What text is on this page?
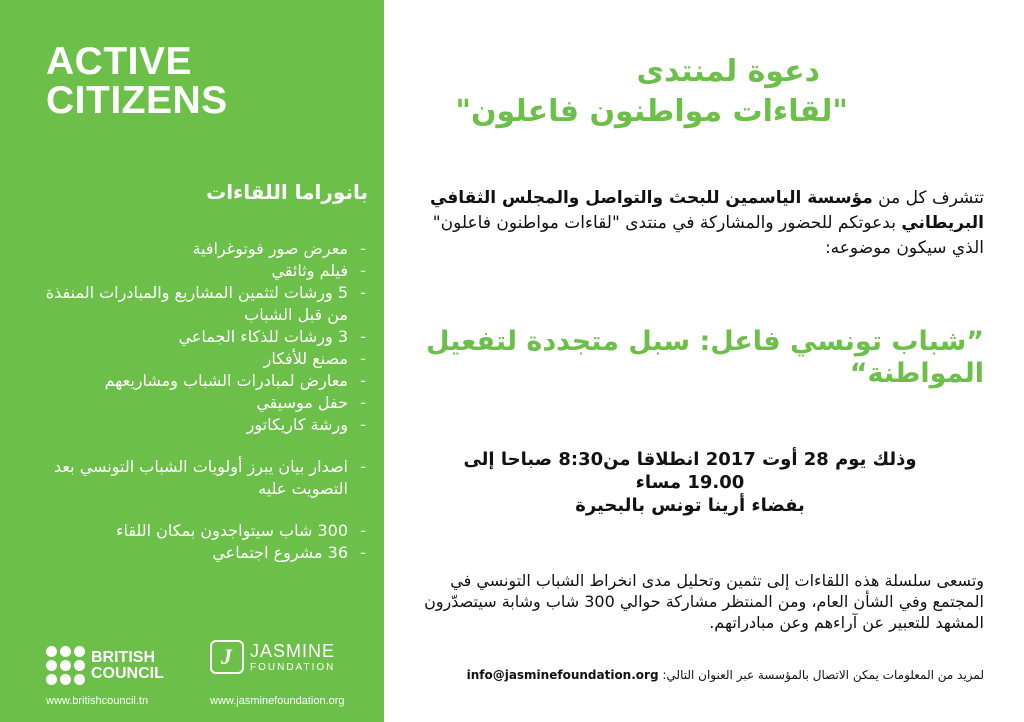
ACTIVE
CITIZENS
بانوراما اللقاءات
- معرض صور فوتوغرافية
- فيلم وثائقي
- 5 ورشات لتثمين المشاريع والمبادرات المنفذة من قبل الشباب
- 3 ورشات للذكاء الجماعي
- مصنع للأفكار
- معارض لمبادرات الشباب ومشاريعهم
- حفل موسيقي
- ورشة كاريكاتور
- اصدار بيان يبرز أولويات الشباب التونسي بعد التصويت عليه
- 300 شاب سيتواجدون بمكان اللقاء
- 36 مشروع اجتماعي
BRITISH
COUNCIL
J
JASMINE
FOUNDATION
www.britishcouncil.tn	www.jasminefoundation.org
دعوة لمنتدى
"لقاءات مواطنون فاعلون"
تتشرف كل من مؤسسة الياسمين للبحث والتواصل والمجلس الثقافي البريطاني بدعوتكم للحضور والمشاركة في منتدى "لقاءات مواطنون فاعلون" الذي سيكون موضوعه:
”شباب تونسي فاعل: سبل متجددة لتفعيل المواطنة“
وذلك يوم 28 أوت 2017 انطلاقا من8:30 صباحا إلى
19.00 مساء
بفضاء أرينا تونس بالبحيرة
وتسعى سلسلة هذه اللقاءات إلى تثمين وتحليل مدى انخراط الشباب التونسي في المجتمع وفي الشأن العام، ومن المنتظر مشاركة حوالي 300 شاب وشابة سيتصدّرون المشهد للتعبير عن آراءهم وعن مبادراتهم.
لمزيد من المعلومات يمكن الاتصال بالمؤسسة عبر العنوان التالي: info@jasminefoundation.org
